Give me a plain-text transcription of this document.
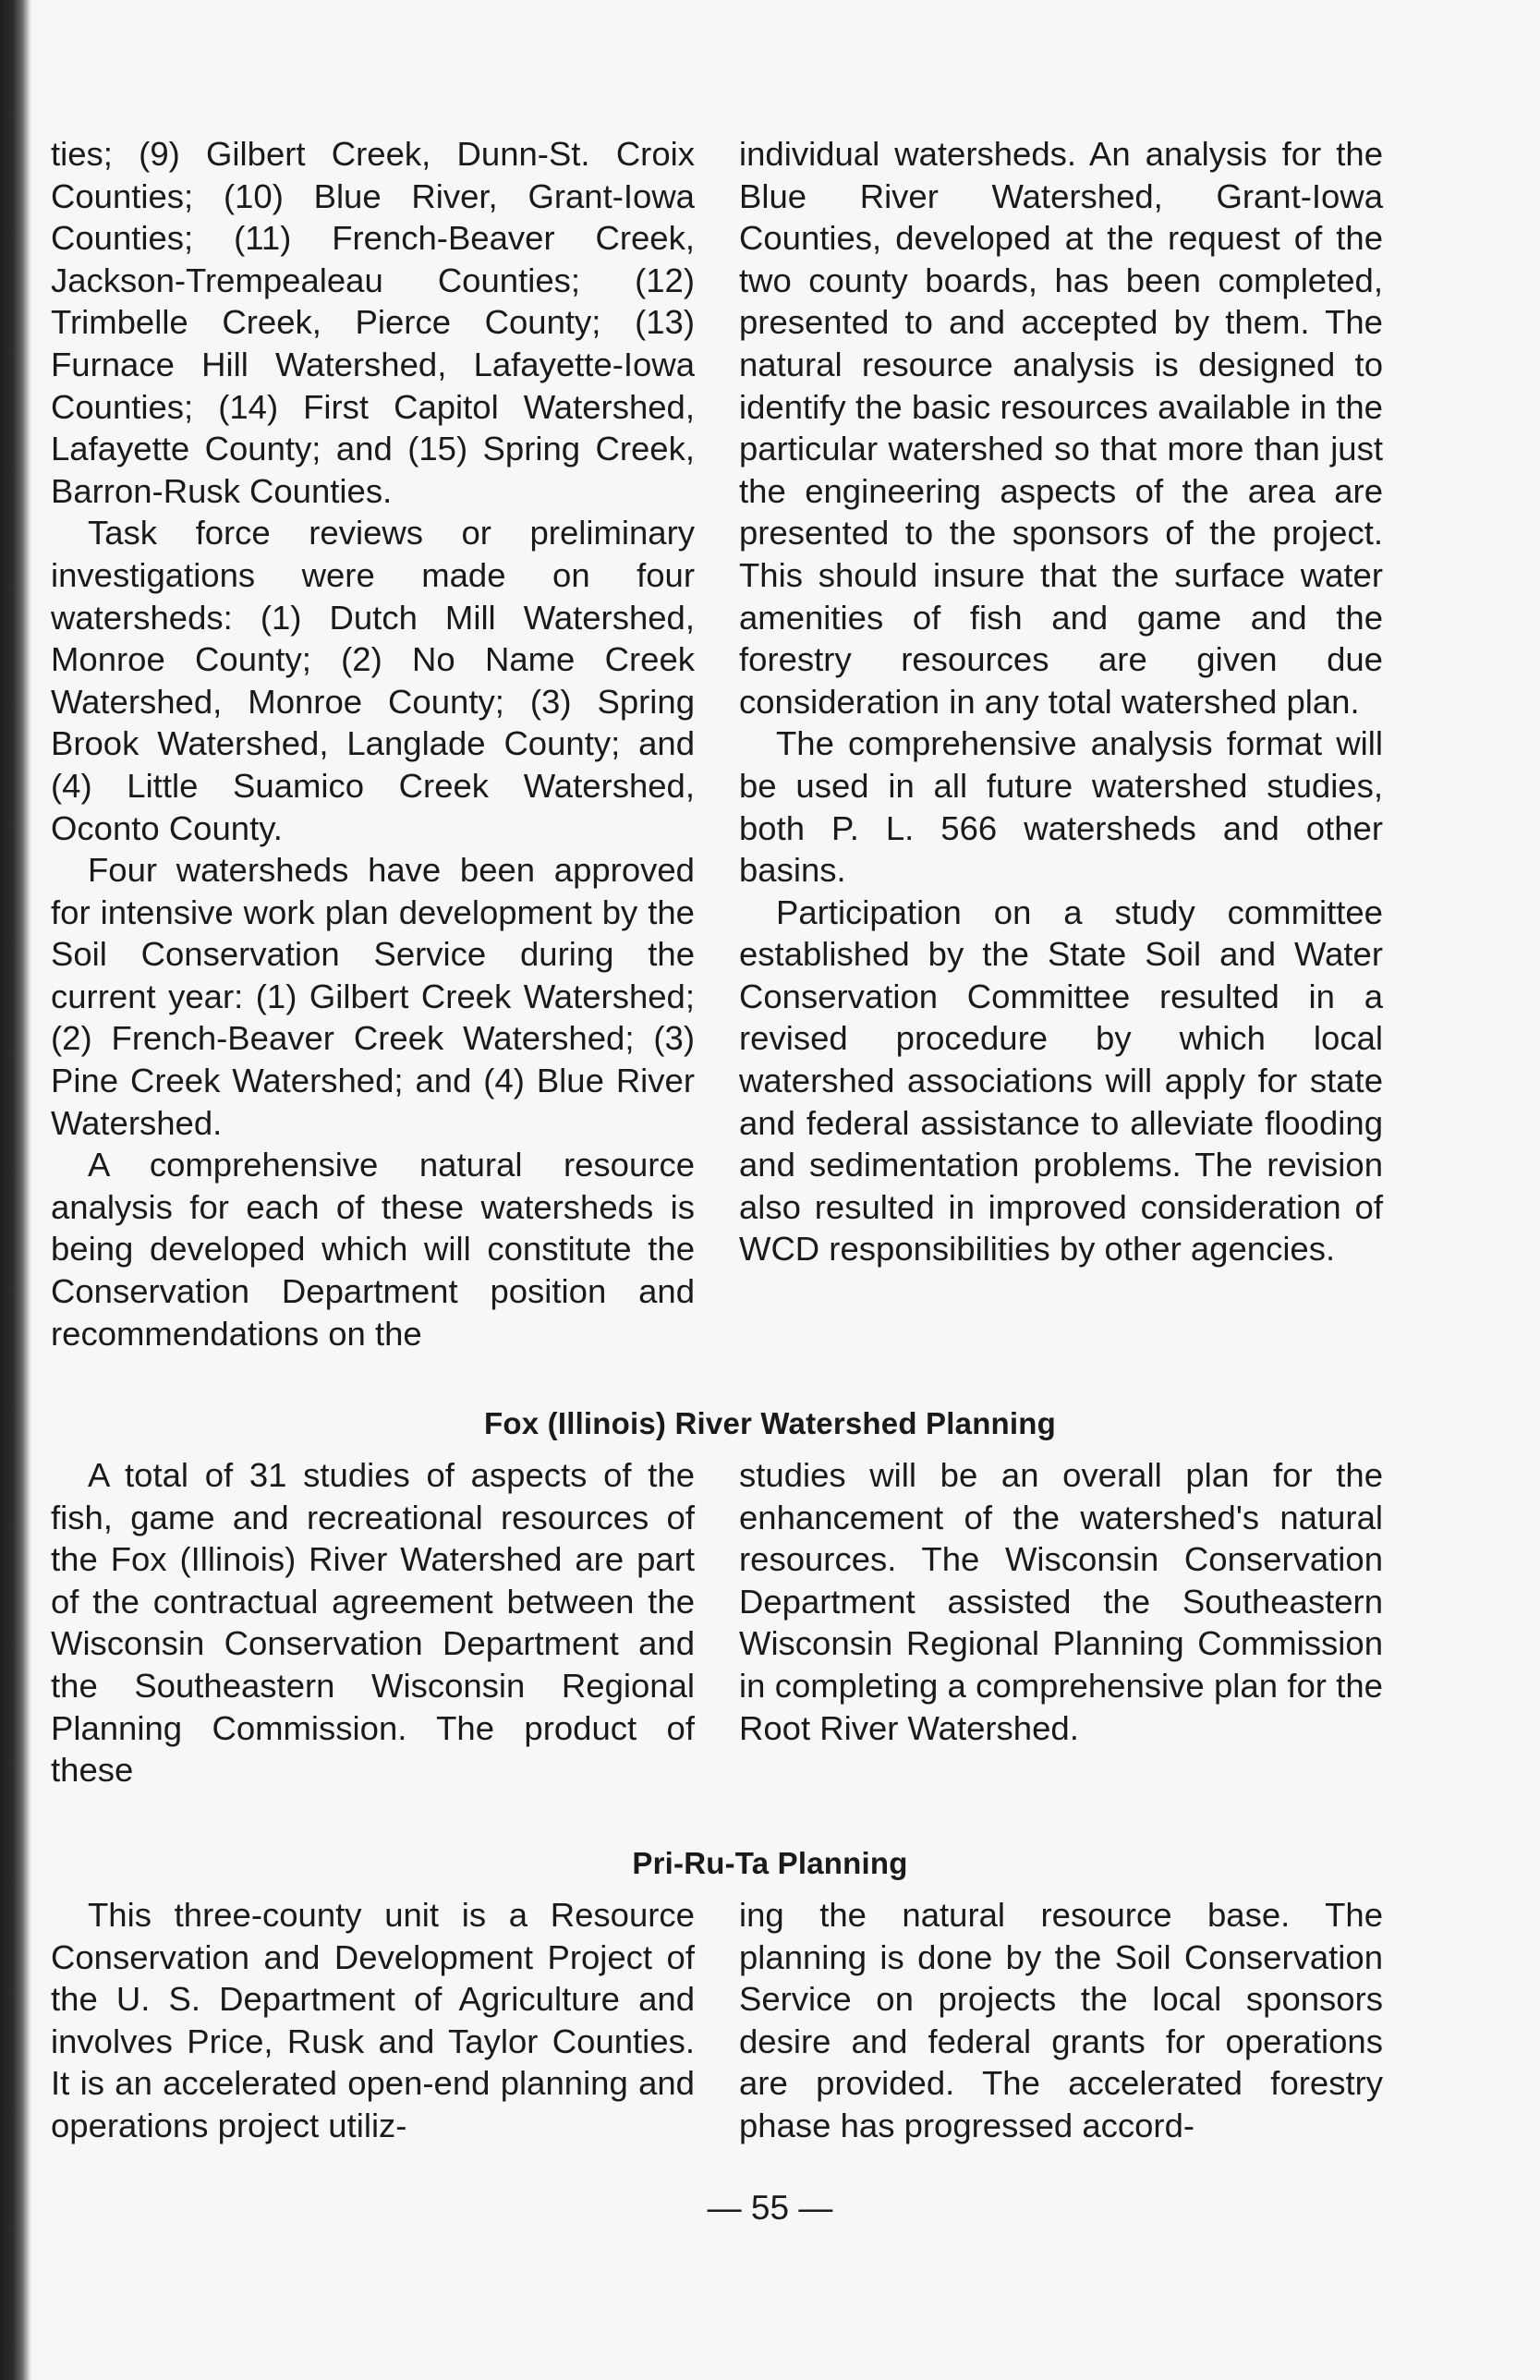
ties; (9) Gilbert Creek, Dunn-St. Croix Counties; (10) Blue River, Grant-Iowa Counties; (11) French-Beaver Creek, Jackson-Trempealeau Counties; (12) Trimbelle Creek, Pierce County; (13) Furnace Hill Watershed, Lafayette-Iowa Counties; (14) First Capitol Watershed, Lafayette County; and (15) Spring Creek, Barron-Rusk Counties.

Task force reviews or preliminary investigations were made on four watersheds: (1) Dutch Mill Watershed, Monroe County; (2) No Name Creek Watershed, Monroe County; (3) Spring Brook Watershed, Langlade County; and (4) Little Suamico Creek Watershed, Oconto County.

Four watersheds have been approved for intensive work plan development by the Soil Conservation Service during the current year: (1) Gilbert Creek Watershed; (2) French-Beaver Creek Watershed; (3) Pine Creek Watershed; and (4) Blue River Watershed.

A comprehensive natural resource analysis for each of these watersheds is being developed which will constitute the Conservation Department position and recommendations on the

individual watersheds. An analysis for the Blue River Watershed, Grant-Iowa Counties, developed at the request of the two county boards, has been completed, presented to and accepted by them. The natural resource analysis is designed to identify the basic resources available in the particular watershed so that more than just the engineering aspects of the area are presented to the sponsors of the project. This should insure that the surface water amenities of fish and game and the forestry resources are given due consideration in any total watershed plan.

The comprehensive analysis format will be used in all future watershed studies, both P. L. 566 watersheds and other basins.

Participation on a study committee established by the State Soil and Water Conservation Committee resulted in a revised procedure by which local watershed associations will apply for state and federal assistance to alleviate flooding and sedimentation problems. The revision also resulted in improved consideration of WCD responsibilities by other agencies.

Fox (Illinois) River Watershed Planning

A total of 31 studies of aspects of the fish, game and recreational resources of the Fox (Illinois) River Watershed are part of the contractual agreement between the Wisconsin Conservation Department and the Southeastern Wisconsin Regional Planning Commission. The product of these

studies will be an overall plan for the enhancement of the watershed's natural resources. The Wisconsin Conservation Department assisted the Southeastern Wisconsin Regional Planning Commission in completing a comprehensive plan for the Root River Watershed.

Pri-Ru-Ta Planning

This three-county unit is a Resource Conservation and Development Project of the U. S. Department of Agriculture and involves Price, Rusk and Taylor Counties. It is an accelerated open-end planning and operations project utiliz-

ing the natural resource base. The planning is done by the Soil Conservation Service on projects the local sponsors desire and federal grants for operations are provided. The accelerated forestry phase has progressed accord-

— 55 —
